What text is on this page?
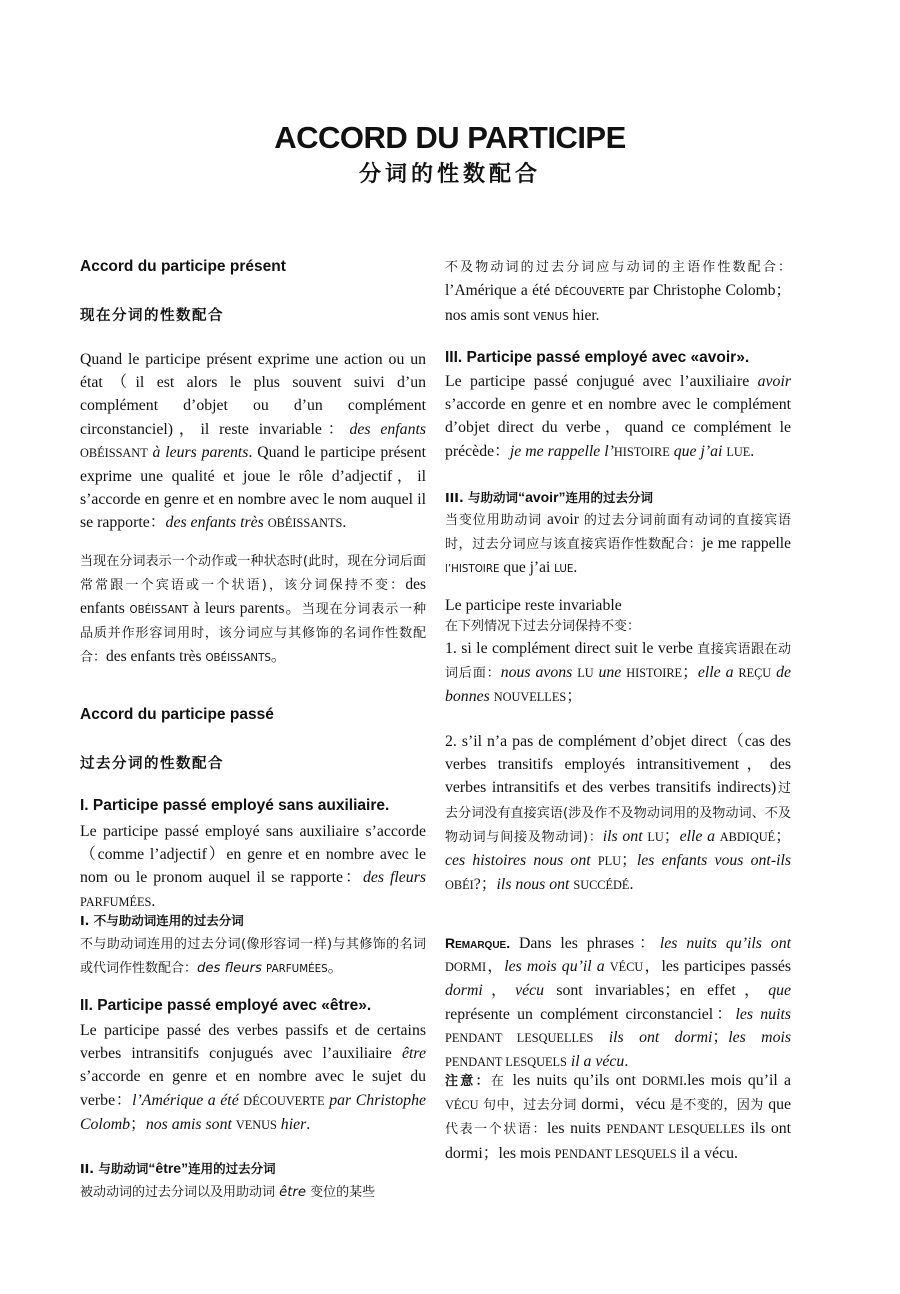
ACCORD DU PARTICIPE
分词的性数配合
Accord du participe présent
现在分词的性数配合
Quand le participe présent exprime une action ou un état（il est alors le plus souvent suivi d’un complément d’objet ou d’un complément circonstanciel)，il reste invariable：des enfants OBÉISSANT à leurs parents. Quand le participe présent exprime une qualité et joue le rôle d’adjectif，il s’accorde en genre et en nombre avec le nom auquel il se rapporte：des enfants très OBÉISSANTS.
当现在分词表示一个动作或一种状态时(此时，现在分词后面常常跟一个宾语或一个状语)，该分词保持不变：des enfants OBÉISSANT à leurs parents。当现在分词表示一种品质并作形容词用时，该分词应与其修饰的名词作性数配合：des enfants très OBÉISSANTS。
Accord du participe passé
过去分词的性数配合
I. Participe passé employé sans auxiliaire.
Le participe passé employé sans auxiliaire s’accorde（comme l’adjectif）en genre et en nombre avec le nom ou le pronom auquel il se rapporte：des fleurs PARFUMÉES.
I. 不与助动词连用的过去分词
不与助动词连用的过去分词(像形容词一样)与其修饰的名词或代词作性数配合：des fleurs PARFUMÉES。
II. Participe passé employé avec «être».
Le participe passé des verbes passifs et de certains verbes intransitifs conjugués avec l’auxiliaire être s’accorde en genre et en nombre avec le sujet du verbe：l’Amérique a été DÉCOUVERTE par Christophe Colomb；nos amis sont VENUS hier.
II. 与助动词“être”连用的过去分词
被动动词的过去分词以及用助动词 être 变位的某些
不及物动词的过去分词应与动词的主语作性数配合：l’Amérique a été DÉCOUVERTE par Christophe Colomb；nos amis sont VENUS hier.
III. Participe passé employé avec «avoir».
Le participe passé conjugué avec l’auxiliaire avoir s’accorde en genre et en nombre avec le complément d’objet direct du verbe，quand ce complément le précède：je me rappelle l’HISTOIRE que j’ai LUE.
III. 与助动词“avoir”连用的过去分词
当变位用助动词 avoir 的过去分词前面有动词的直接宾语时，过去分词应与该直接宾语作性数配合：je me rappelle l’HISTOIRE que j’ai LUE.
Le participe reste invariable
在下列情况下过去分词保持不变：
1. si le complément direct suit le verbe 直接宾语跟在动词后面：nous avons LU une HISTOIRE；elle a REÇU de bonnes NOUVELLES；
2. s’il n’a pas de complément d’objet direct（cas des verbes transitifs employés intransitivement，des verbes intransitifs et des verbes transitifs indirects)过去分词没有直接宾语(涉及作不及物动词用的及物动词、不及物动词与间接及物动词)：ils ont LU；elle a ABDIQUÉ；ces histoires nous ont PLU；les enfants vous ont-ils OBÉI?；ils nous ont SUCCÉDÉ.
Remarque. Dans les phrases：les nuits qu’ils ont DORMI，les mois qu’il a VÉCU，les participes passés dormi，vécu sont invariables；en effet，que représente un complément circonstanciel：les nuits PENDANT LESQUELLES ils ont dormi；les mois PENDANT LESQUELS il a vécu.
注意：在 les nuits qu’ils ont DORMI.les mois qu’il a VÉCU 句中，过去分词 dormi，vécu 是不变的，因为 que 代表一个状语：les nuits PENDANT LESQUELLES ils ont dormi；les mois PENDANT LESQUELS il a vécu.
